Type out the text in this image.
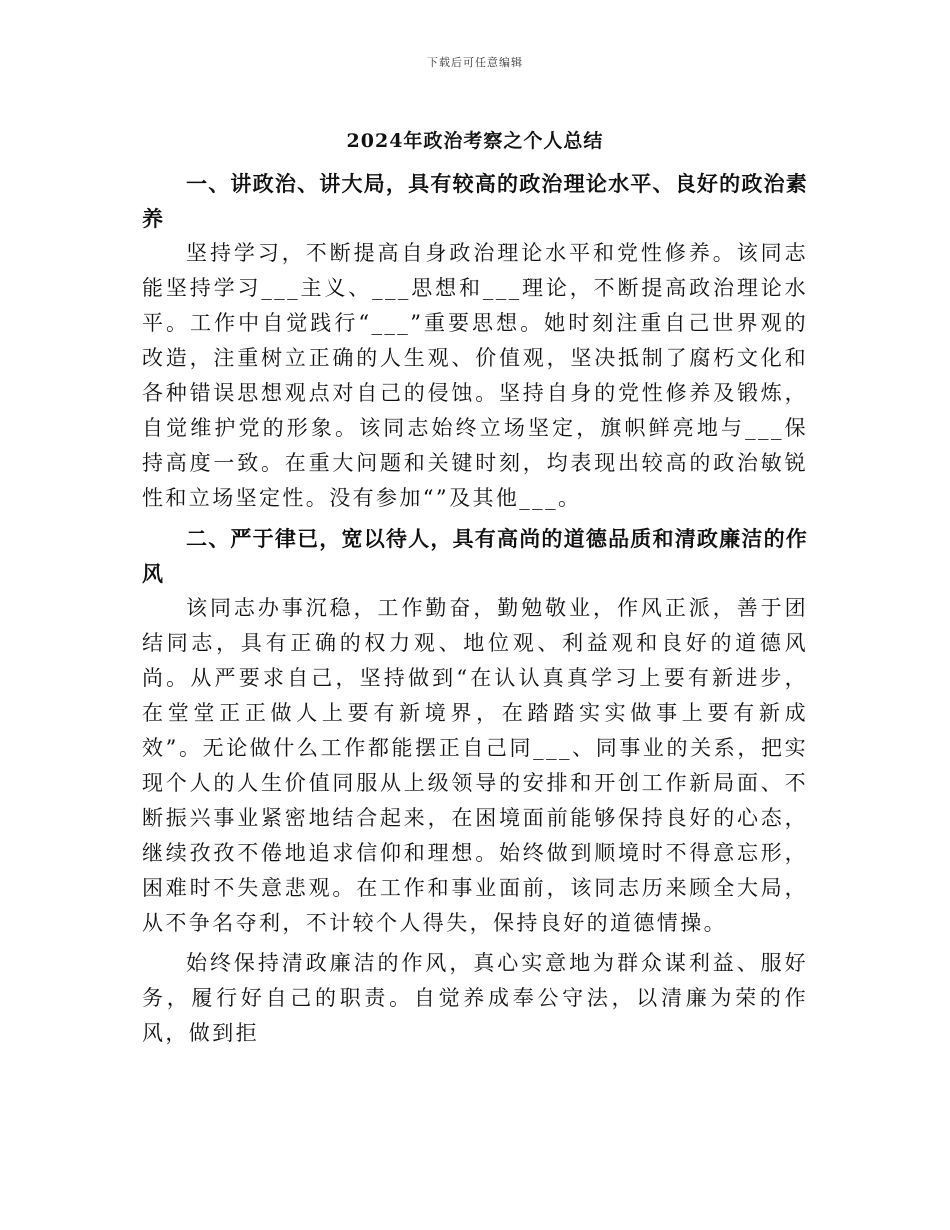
下载后可任意编辑
2024年政治考察之个人总结

一、讲政治、讲大局，具有较高的政治理论水平、良好的政治素养

坚持学习，不断提高自身政治理论水平和党性修养。该同志能坚持学习___主义、___思想和___理论，不断提高政治理论水平。工作中自觉践行“___”重要思想。她时刻注重自己世界观的改造，注重树立正确的人生观、价值观，坚决抵制了腐朽文化和各种错误思想观点对自己的侵蚀。坚持自身的党性修养及锻炼，自觉维护党的形象。该同志始终立场坚定，旗帜鲜亮地与___保持高度一致。在重大问题和关键时刻，均表现出较高的政治敏锐性和立场坚定性。没有参加“”及其他___。

二、严于律已，宽以待人，具有高尚的道德品质和清政廉洁的作风

该同志办事沉稳，工作勤奋，勤勉敬业，作风正派，善于团结同志，具有正确的权力观、地位观、利益观和良好的道德风尚。从严要求自己，坚持做到“在认认真真学习上要有新进步，在堂堂正正做人上要有新境界，在踏踏实实做事上要有新成效”。无论做什么工作都能摆正自己同___、同事业的关系，把实现个人的人生价值同服从上级领导的安排和开创工作新局面、不断振兴事业紧密地结合起来，在困境面前能够保持良好的心态，继续孜孜不倦地追求信仰和理想。始终做到顺境时不得意忘形，困难时不失意悲观。在工作和事业面前，该同志历来顾全大局，从不争名夺利，不计较个人得失，保持良好的道德情操。

始终保持清政廉洁的作风，真心实意地为群众谋利益、服好务，履行好自己的职责。自觉养成奉公守法，以清廉为荣的作风，做到拒
